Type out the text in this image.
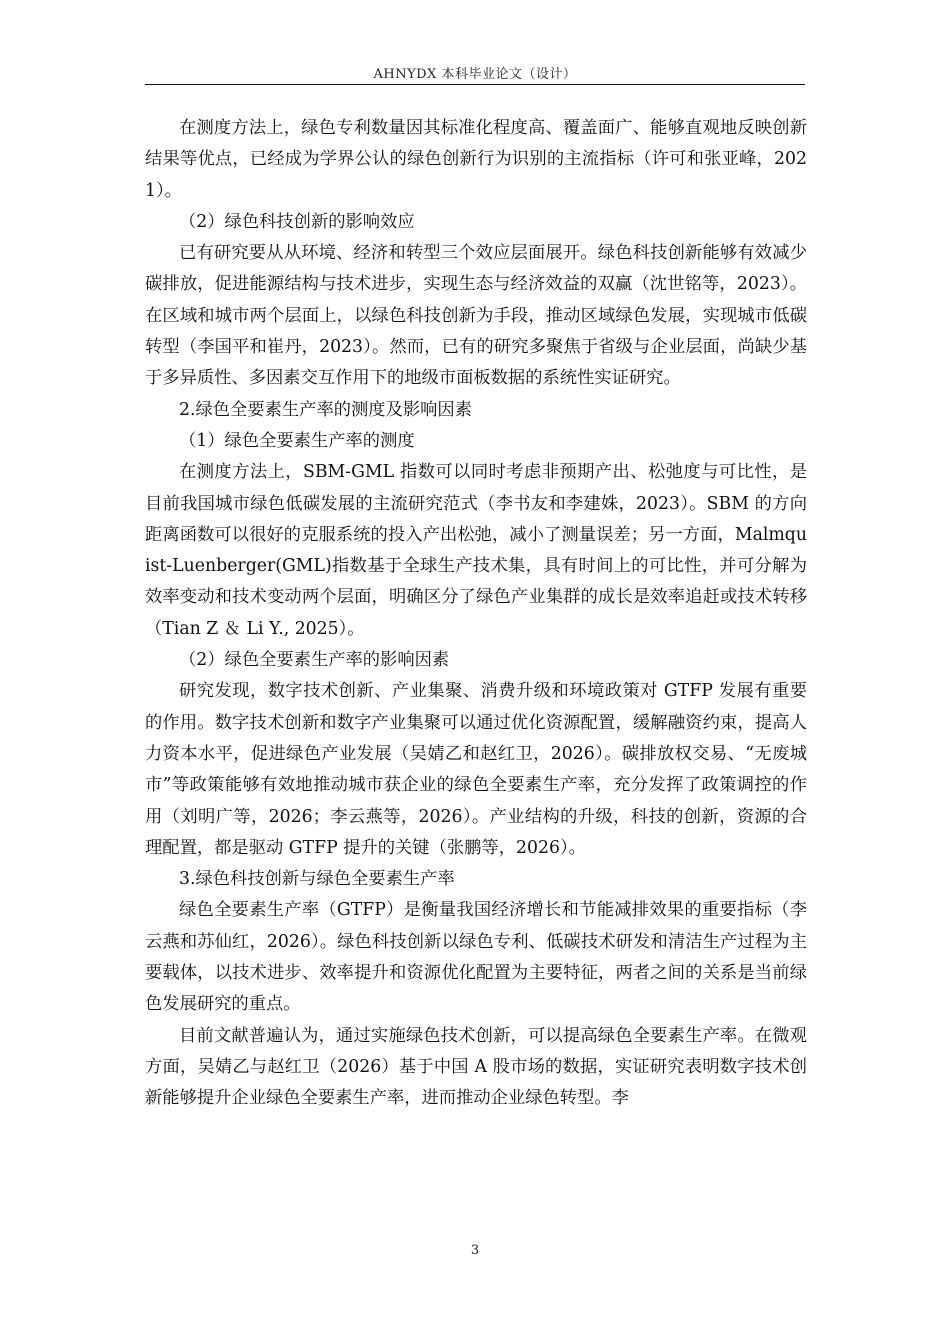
AHNYDX 本科毕业论文（设计）

在测度方法上，绿色专利数量因其标准化程度高、覆盖面广、能够直观地反映创新结果等优点，已经成为学界公认的绿色创新行为识别的主流指标（许可和张亚峰，2021）。

（2）绿色科技创新的影响效应

已有研究要从从环境、经济和转型三个效应层面展开。绿色科技创新能够有效减少碳排放，促进能源结构与技术进步，实现生态与经济效益的双赢（沈世铭等，2023）。在区域和城市两个层面上，以绿色科技创新为手段，推动区域绿色发展，实现城市低碳转型（李国平和崔丹，2023）。然而，已有的研究多聚焦于省级与企业层面，尚缺少基于多异质性、多因素交互作用下的地级市面板数据的系统性实证研究。

2.绿色全要素生产率的测度及影响因素

（1）绿色全要素生产率的测度

在测度方法上，SBM-GML 指数可以同时考虑非预期产出、松弛度与可比性，是目前我国城市绿色低碳发展的主流研究范式（李书友和李建姝，2023）。SBM 的方向距离函数可以很好的克服系统的投入产出松弛，减小了测量误差；另一方面，Malmquist-Luenberger(GML)指数基于全球生产技术集，具有时间上的可比性，并可分解为效率变动和技术变动两个层面，明确区分了绿色产业集群的成长是效率追赶或技术转移（Tian Z ＆ Li Y., 2025）。

（2）绿色全要素生产率的影响因素

研究发现，数字技术创新、产业集聚、消费升级和环境政策对 GTFP 发展有重要的作用。数字技术创新和数字产业集聚可以通过优化资源配置，缓解融资约束，提高人力资本水平，促进绿色产业发展（吴婧乙和赵红卫，2026）。碳排放权交易、“无废城市”等政策能够有效地推动城市获企业的绿色全要素生产率，充分发挥了政策调控的作用（刘明广等，2026；李云燕等，2026）。产业结构的升级，科技的创新，资源的合理配置，都是驱动 GTFP 提升的关键（张鹏等，2026）。

3.绿色科技创新与绿色全要素生产率

绿色全要素生产率（GTFP）是衡量我国经济增长和节能减排效果的重要指标（李云燕和苏仙红，2026）。绿色科技创新以绿色专利、低碳技术研发和清洁生产过程为主要载体，以技术进步、效率提升和资源优化配置为主要特征，两者之间的关系是当前绿色发展研究的重点。

目前文献普遍认为，通过实施绿色技术创新，可以提高绿色全要素生产率。在微观方面，吴婧乙与赵红卫（2026）基于中国 A 股市场的数据，实证研究表明数字技术创新能够提升企业绿色全要素生产率，进而推动企业绿色转型。李

3
